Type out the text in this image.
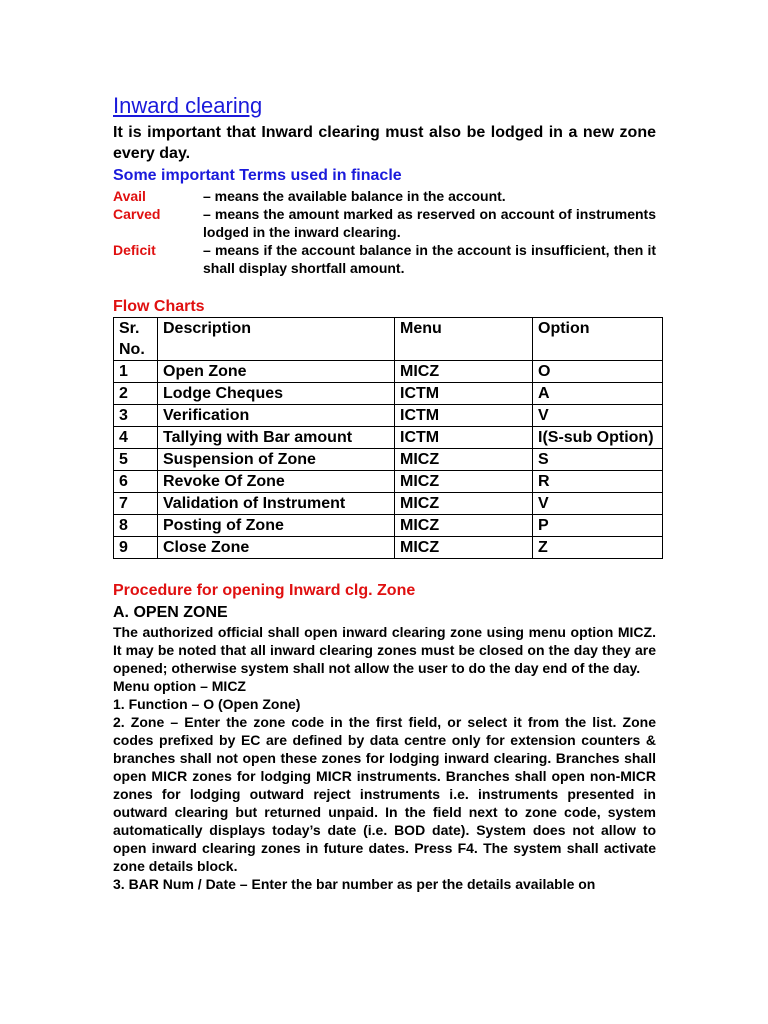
Inward clearing

It is important that Inward clearing must also be lodged in a new zone every day.

Some important Terms used in finacle
Avail	– means the available balance in the account.
Carved	– means the amount marked as reserved on account of instruments lodged in the inward clearing.
Deficit	– means if the account balance in the account is insufficient, then it shall display shortfall amount.
Flow Charts
Sr. No.	Description	Menu	Option
1	Open Zone	MICZ	O
2	Lodge Cheques	ICTM	A
3	Verification	ICTM	V
4	Tallying with Bar amount	ICTM	I(S-sub Option)
5	Suspension of Zone	MICZ	S
6	Revoke Of Zone	MICZ	R
7	Validation of Instrument	MICZ	V
8	Posting of Zone	MICZ	P
9	Close Zone	MICZ	Z
Procedure for opening Inward clg. Zone
A. OPEN ZONE

The authorized official shall open inward clearing zone using menu option MICZ. It may be noted that all inward clearing zones must be closed on the day they are opened; otherwise system shall not allow the user to do the day end of the day.

Menu option – MICZ

1. Function – O (Open Zone)

2. Zone – Enter the zone code in the first field, or select it from the list. Zone codes prefixed by EC are defined by data centre only for extension counters & branches shall not open these zones for lodging inward clearing. Branches shall open MICR zones for lodging MICR instruments. Branches shall open non-MICR zones for lodging outward reject instruments i.e. instruments presented in outward clearing but returned unpaid. In the field next to zone code, system automatically displays today’s date (i.e. BOD date). System does not allow to open inward clearing zones in future dates. Press F4. The system shall activate zone details block.

3. BAR Num / Date – Enter the bar number as per the details available on
